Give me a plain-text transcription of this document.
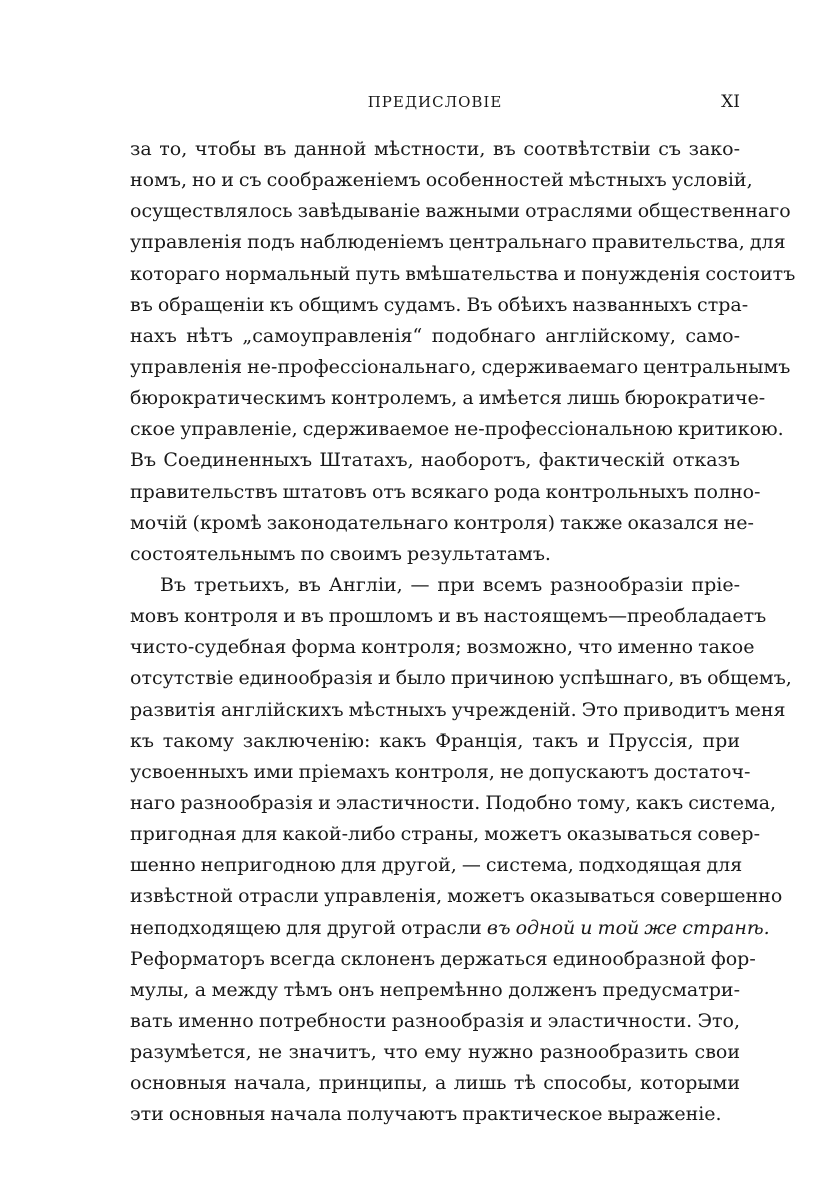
ПРЕДИСЛОВІЕ	XI
за то, чтобы въ данной мѣстности, въ соотвѣтствіи съ зако-
номъ, но и съ соображеніемъ особенностей мѣстныхъ условій,
осуществлялось завѣдываніе важными отраслями общественнаго
управленія подъ наблюденіемъ центральнаго правительства, для
котораго нормальный путь вмѣшательства и понужденія состоитъ
въ обращеніи къ общимъ судамъ. Въ обѣихъ названныхъ стра-
нахъ нѣтъ „самоуправленія“ подобнаго англійскому, само-
управленія не-профессіональнаго, сдерживаемаго центральнымъ
бюрократическимъ контролемъ, а имѣется лишь бюрократиче-
ское управленіе, сдерживаемое не-профессіональною критикою.
Въ Соединенныхъ Штатахъ, наоборотъ, фактическій отказъ
правительствъ штатовъ отъ всякаго рода контрольныхъ полно-
мочій (кромѣ законодательнаго контроля) также оказался не-
состоятельнымъ по своимъ результатамъ.
Въ третьихъ, въ Англіи, — при всемъ разнообразіи пріе-
мовъ контроля и въ прошломъ и въ настоящемъ—преобладаетъ
чисто-судебная форма контроля; возможно, что именно такое
отсутствіе единообразія и было причиною успѣшнаго, въ общемъ,
развитія англійскихъ мѣстныхъ учрежденій. Это приводитъ меня
къ такому заключенію: какъ Франція, такъ и Пруссія, при
усвоенныхъ ими пріемахъ контроля, не допускаютъ достаточ-
наго разнообразія и эластичности. Подобно тому, какъ система,
пригодная для какой-либо страны, можетъ оказываться совер-
шенно непригодною для другой, — система, подходящая для
извѣстной отрасли управленія, можетъ оказываться совершенно
неподходящею для другой отрасли въ одной и той же странѣ.
Реформаторъ всегда склоненъ держаться единообразной фор-
мулы, а между тѣмъ онъ непремѣнно долженъ предусматри-
вать именно потребности разнообразія и эластичности. Это,
разумѣется, не значитъ, что ему нужно разнообразить свои
основныя начала, принципы, а лишь тѣ способы, которыми
эти основныя начала получаютъ практическое выраженіе.
